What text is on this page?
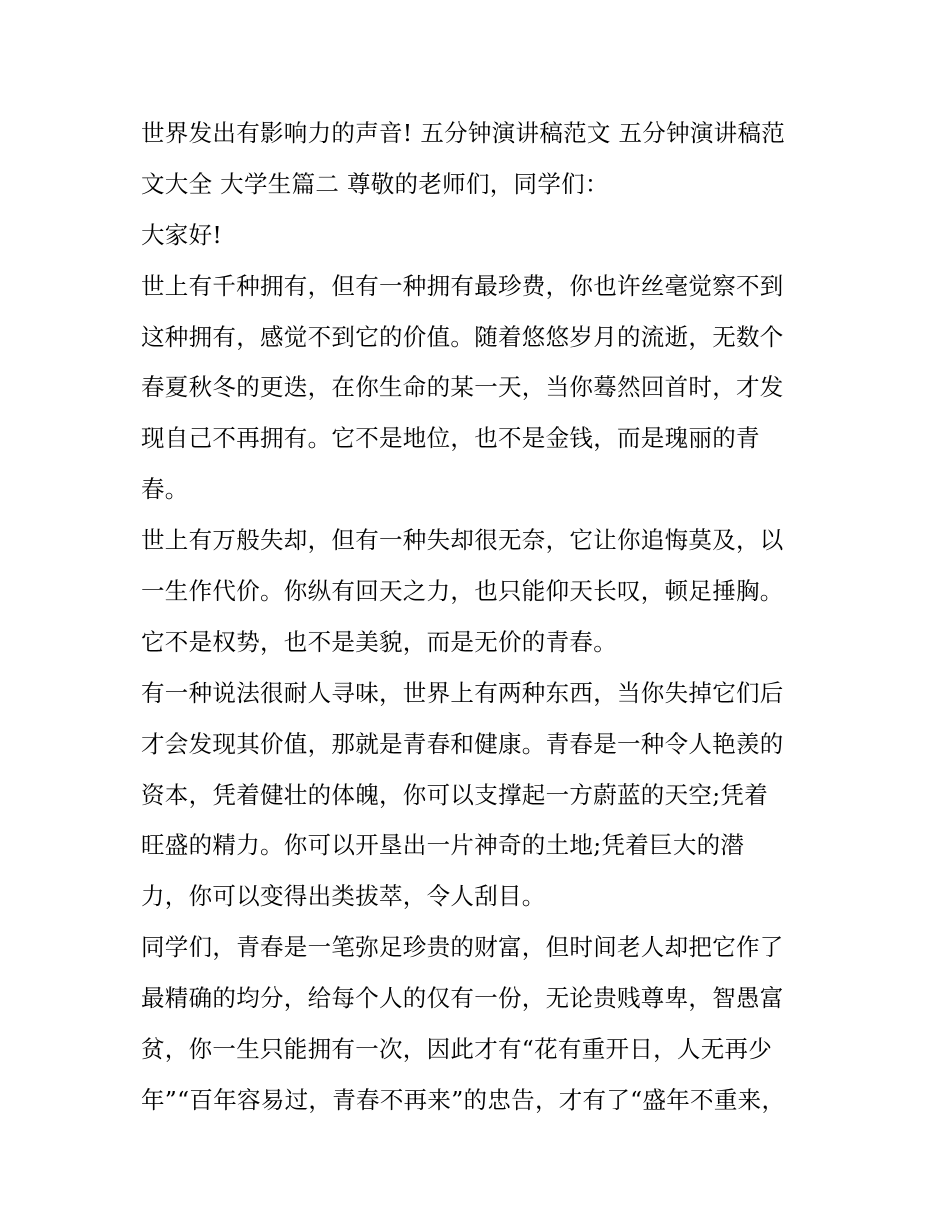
世界发出有影响力的声音! 五分钟演讲稿范文 五分钟演讲稿范
文大全 大学生篇二 尊敬的老师们，同学们：
大家好!
世上有千种拥有，但有一种拥有最珍费，你也许丝毫觉察不到
这种拥有，感觉不到它的价值。随着悠悠岁月的流逝，无数个
春夏秋冬的更迭，在你生命的某一天，当你蓦然回首时，才发
现自己不再拥有。它不是地位，也不是金钱，而是瑰丽的青
春。
世上有万般失却，但有一种失却很无奈，它让你追悔莫及，以
一生作代价。你纵有回天之力，也只能仰天长叹，顿足捶胸。
它不是权势，也不是美貌，而是无价的青春。
有一种说法很耐人寻味，世界上有两种东西，当你失掉它们后
才会发现其价值，那就是青春和健康。青春是一种令人艳羡的
资本，凭着健壮的体魄，你可以支撑起一方蔚蓝的天空;凭着
旺盛的精力。你可以开垦出一片神奇的土地;凭着巨大的潜
力，你可以变得出类拔萃，令人刮目。
同学们，青春是一笔弥足珍贵的财富，但时间老人却把它作了
最精确的均分，给每个人的仅有一份，无论贵贱尊卑，智愚富
贫，你一生只能拥有一次，因此才有“花有重开日，人无再少
年”“百年容易过，青春不再来”的忠告，才有了“盛年不重来，
